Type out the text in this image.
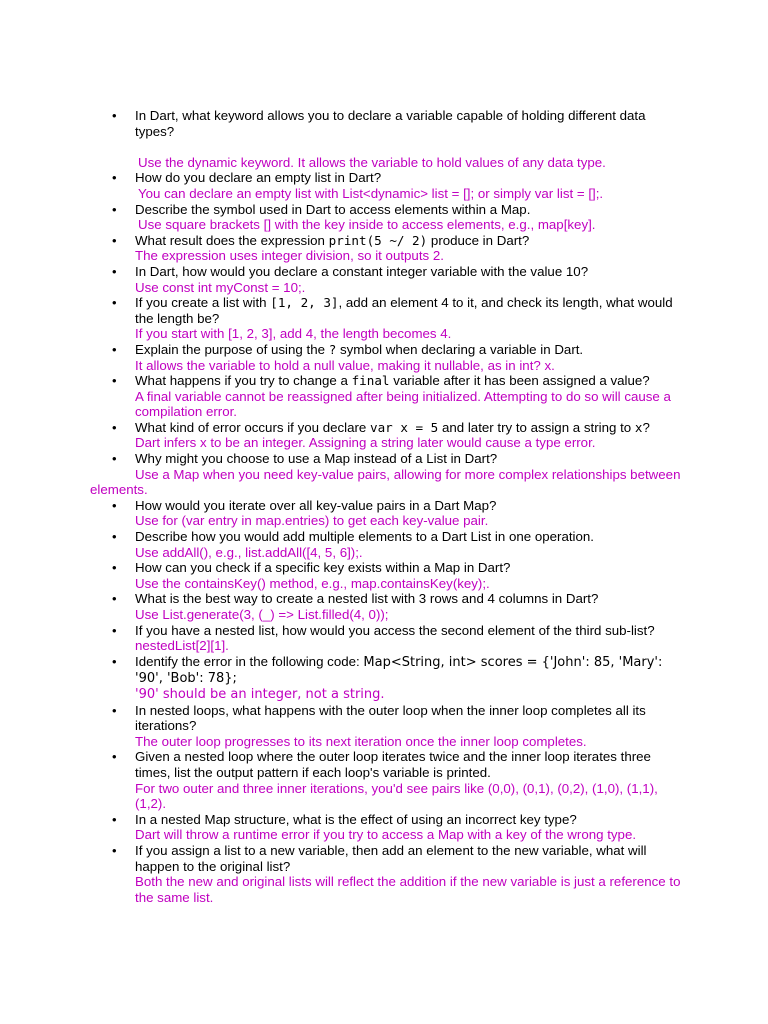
• In Dart, what keyword allows you to declare a variable capable of holding different data types?
Use the dynamic keyword. It allows the variable to hold values of any data type.
• How do you declare an empty list in Dart?
You can declare an empty list with List<dynamic> list = []; or simply var list = [];.
• Describe the symbol used in Dart to access elements within a Map.
Use square brackets [] with the key inside to access elements, e.g., map[key].
• What result does the expression print(5 ~/ 2) produce in Dart?
The expression uses integer division, so it outputs 2.
• In Dart, how would you declare a constant integer variable with the value 10?
Use const int myConst = 10;.
• If you create a list with [1, 2, 3], add an element 4 to it, and check its length, what would the length be?
If you start with [1, 2, 3], add 4, the length becomes 4.
• Explain the purpose of using the ? symbol when declaring a variable in Dart.
It allows the variable to hold a null value, making it nullable, as in int? x.
• What happens if you try to change a final variable after it has been assigned a value?
A final variable cannot be reassigned after being initialized. Attempting to do so will cause a compilation error.
• What kind of error occurs if you declare var x = 5 and later try to assign a string to x?
Dart infers x to be an integer. Assigning a string later would cause a type error.
• Why might you choose to use a Map instead of a List in Dart?
Use a Map when you need key-value pairs, allowing for more complex relationships between elements.
• How would you iterate over all key-value pairs in a Dart Map?
Use for (var entry in map.entries) to get each key-value pair.
• Describe how you would add multiple elements to a Dart List in one operation.
Use addAll(), e.g., list.addAll([4, 5, 6]);.
• How can you check if a specific key exists within a Map in Dart?
Use the containsKey() method, e.g., map.containsKey(key);.
• What is the best way to create a nested list with 3 rows and 4 columns in Dart?
Use List.generate(3, (_) => List.filled(4, 0));
• If you have a nested list, how would you access the second element of the third sub-list?
nestedList[2][1].
• Identify the error in the following code: Map<String, int> scores = {'John': 85, 'Mary': '90', 'Bob': 78};
'90' should be an integer, not a string.
• In nested loops, what happens with the outer loop when the inner loop completes all its iterations?
The outer loop progresses to its next iteration once the inner loop completes.
• Given a nested loop where the outer loop iterates twice and the inner loop iterates three times, list the output pattern if each loop's variable is printed.
For two outer and three inner iterations, you'd see pairs like (0,0), (0,1), (0,2), (1,0), (1,1), (1,2).
• In a nested Map structure, what is the effect of using an incorrect key type?
Dart will throw a runtime error if you try to access a Map with a key of the wrong type.
• If you assign a list to a new variable, then add an element to the new variable, what will happen to the original list?
Both the new and original lists will reflect the addition if the new variable is just a reference to the same list.
